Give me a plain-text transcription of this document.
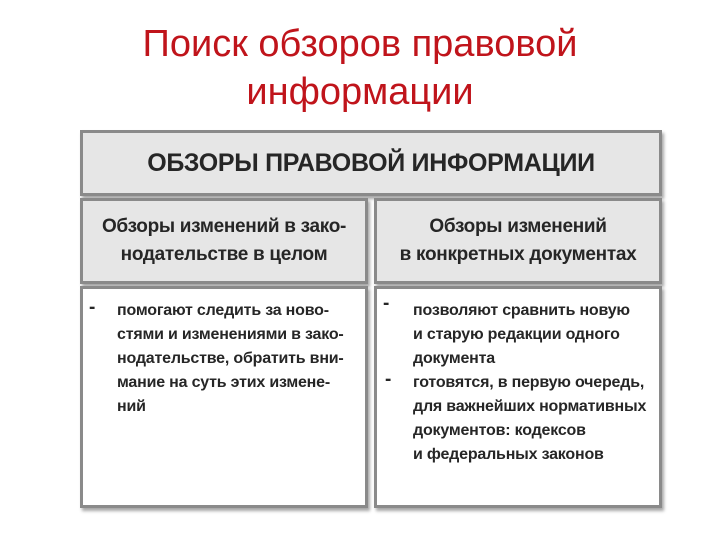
Поиск обзоров правовой
информации
ОБЗОРЫ ПРАВОВОЙ ИНФОРМАЦИИ
Обзоры изменений в зако-
нодательстве в целом
Обзоры изменений
в конкретных документах
- помогают следить за ново-
стями и изменениями в зако-
нодательстве, обратить вни-
мание на суть этих измене-
ний
- позволяют сравнить новую
и старую редакции одного
документа
- готовятся, в первую очередь,
для важнейших нормативных
документов: кодексов
и федеральных законов
